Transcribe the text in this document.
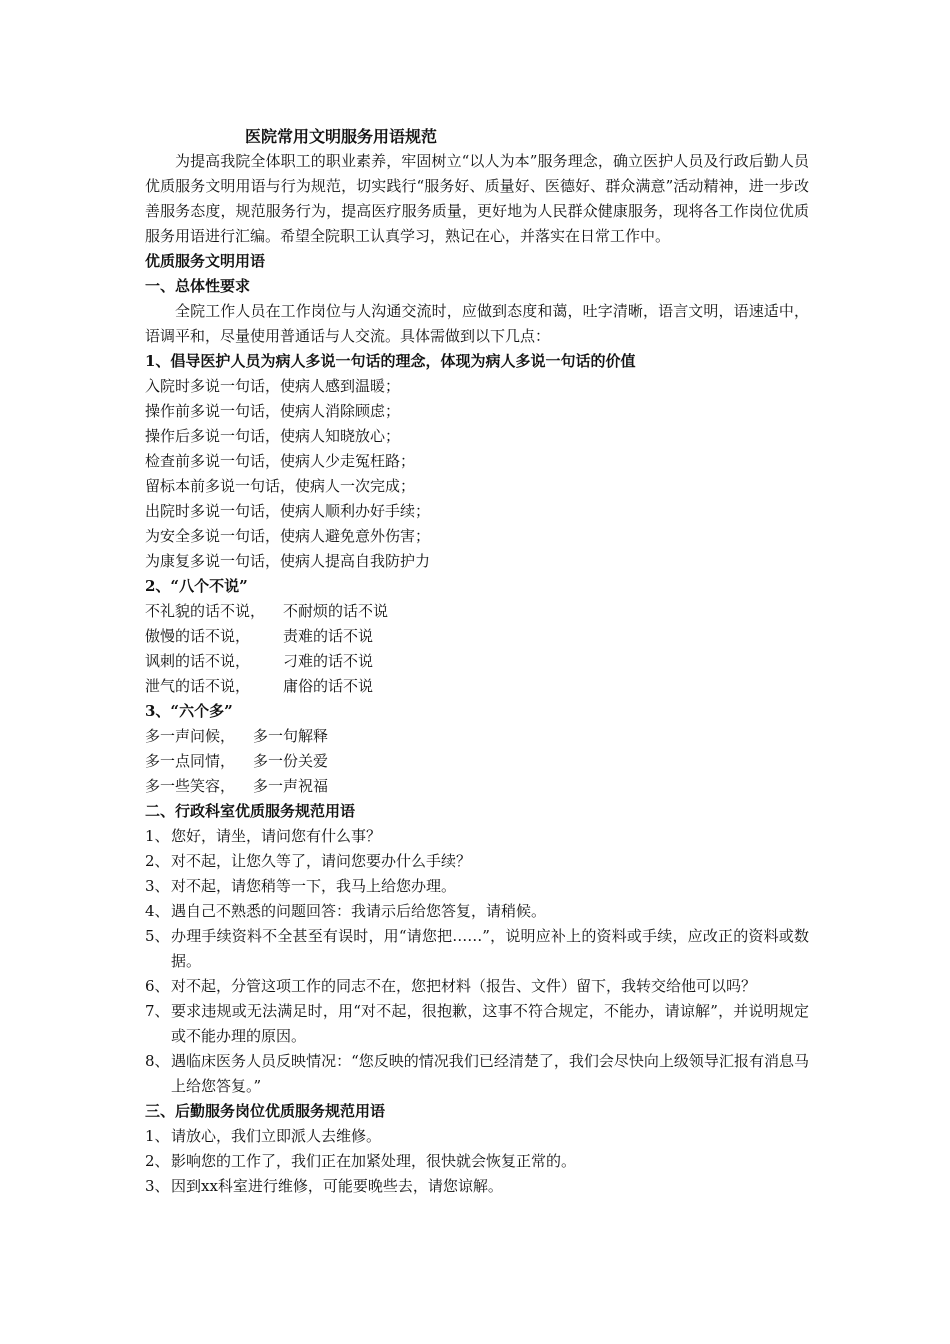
医院常用文明服务用语规范

为提高我院全体职工的职业素养，牢固树立“以人为本”服务理念，确立医护人员及行政后勤人员优质服务文明用语与行为规范，切实践行“服务好、质量好、医德好、群众满意”活动精神，进一步改善服务态度，规范服务行为，提高医疗服务质量，更好地为人民群众健康服务，现将各工作岗位优质服务用语进行汇编。希望全院职工认真学习，熟记在心，并落实在日常工作中。

优质服务文明用语
一、总体性要求

全院工作人员在工作岗位与人沟通交流时，应做到态度和蔼，吐字清晰，语言文明，语速适中，语调平和，尽量使用普通话与人交流。具体需做到以下几点：

1、倡导医护人员为病人多说一句话的理念，体现为病人多说一句话的价值
入院时多说一句话，使病人感到温暖；
操作前多说一句话，使病人消除顾虑；
操作后多说一句话，使病人知晓放心；
检查前多说一句话，使病人少走冤枉路；
留标本前多说一句话，使病人一次完成；
出院时多说一句话，使病人顺利办好手续；
为安全多说一句话，使病人避免意外伤害；
为康复多说一句话，使病人提高自我防护力
2、“八个不说”
不礼貌的话不说，	不耐烦的话不说
傲慢的话不说，	责难的话不说
讽刺的话不说，	刁难的话不说
泄气的话不说，	庸俗的话不说
3、“六个多”
多一声问候，	多一句解释
多一点同情，	多一份关爱
多一些笑容，	多一声祝福
二、行政科室优质服务规范用语
1、 您好，请坐，请问您有什么事？
2、 对不起，让您久等了，请问您要办什么手续？
3、 对不起，请您稍等一下，我马上给您办理。
4、 遇自己不熟悉的问题回答：我请示后给您答复，请稍候。
5、 办理手续资料不全甚至有误时，用“请您把……”，说明应补上的资料或手续，应改正的资料或数据。
6、 对不起，分管这项工作的同志不在，您把材料（报告、文件）留下，我转交给他可以吗？
7、 要求违规或无法满足时，用“对不起，很抱歉，这事不符合规定，不能办，请谅解”，并说明规定或不能办理的原因。
8、 遇临床医务人员反映情况：“您反映的情况我们已经清楚了，我们会尽快向上级领导汇报有消息马上给您答复。”
三、后勤服务岗位优质服务规范用语
1、 请放心，我们立即派人去维修。
2、 影响您的工作了，我们正在加紧处理，很快就会恢复正常的。
3、 因到xx科室进行维修，可能要晚些去，请您谅解。
